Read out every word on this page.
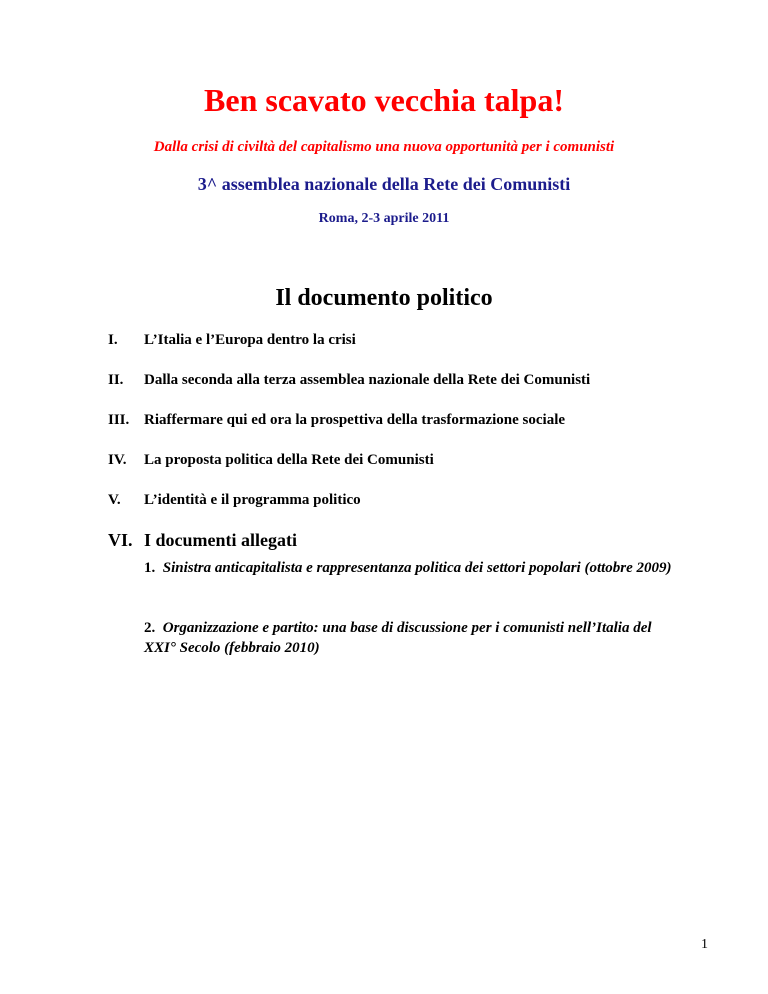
Ben scavato vecchia talpa!
Dalla crisi di civiltà del capitalismo una nuova opportunità per i comunisti
3^ assemblea nazionale della Rete dei Comunisti
Roma, 2-3 aprile 2011
Il documento politico
I. L’Italia e l’Europa dentro la crisi
II. Dalla seconda alla terza assemblea nazionale della Rete dei Comunisti
III. Riaffermare qui ed ora la prospettiva della trasformazione sociale
IV. La proposta politica della Rete dei Comunisti
V. L’identità e il programma politico
VI. I documenti allegati
1. Sinistra anticapitalista e rappresentanza politica dei settori popolari (ottobre 2009)
2. Organizzazione e partito: una base di discussione per i comunisti nell’Italia del XXI° Secolo (febbraio 2010)
1
